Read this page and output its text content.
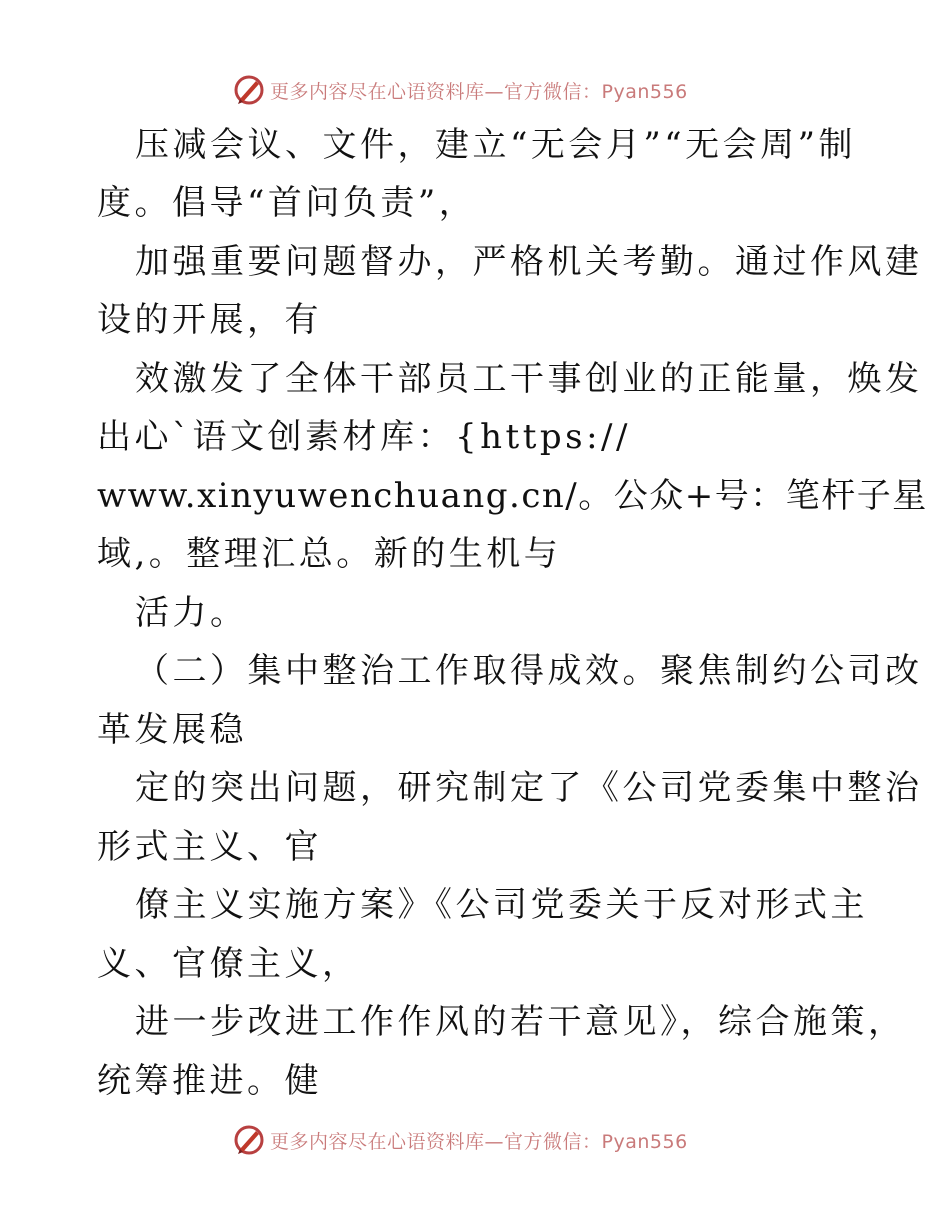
更多内容尽在心语资料库—官方微信：Pyan556
压减会议、文件，建立“无会月”“无会周”制
度。倡导“首问负责”，
加强重要问题督办，严格机关考勤。通过作风建
设的开展，有
效激发了全体干部员工干事创业的正能量，焕发
出心`语文创素材库：{https://
www.xinyuwenchuang.cn/。公众+号：笔杆子星
域,。整理汇总。新的生机与
活力。
（二）集中整治工作取得成效。聚焦制约公司改
革发展稳
定的突出问题，研究制定了《公司党委集中整治
形式主义、官
僚主义实施方案》《公司党委关于反对形式主
义、官僚主义，
进一步改进工作作风的若干意见》，综合施策，
统筹推进。健
更多内容尽在心语资料库—官方微信：Pyan556
